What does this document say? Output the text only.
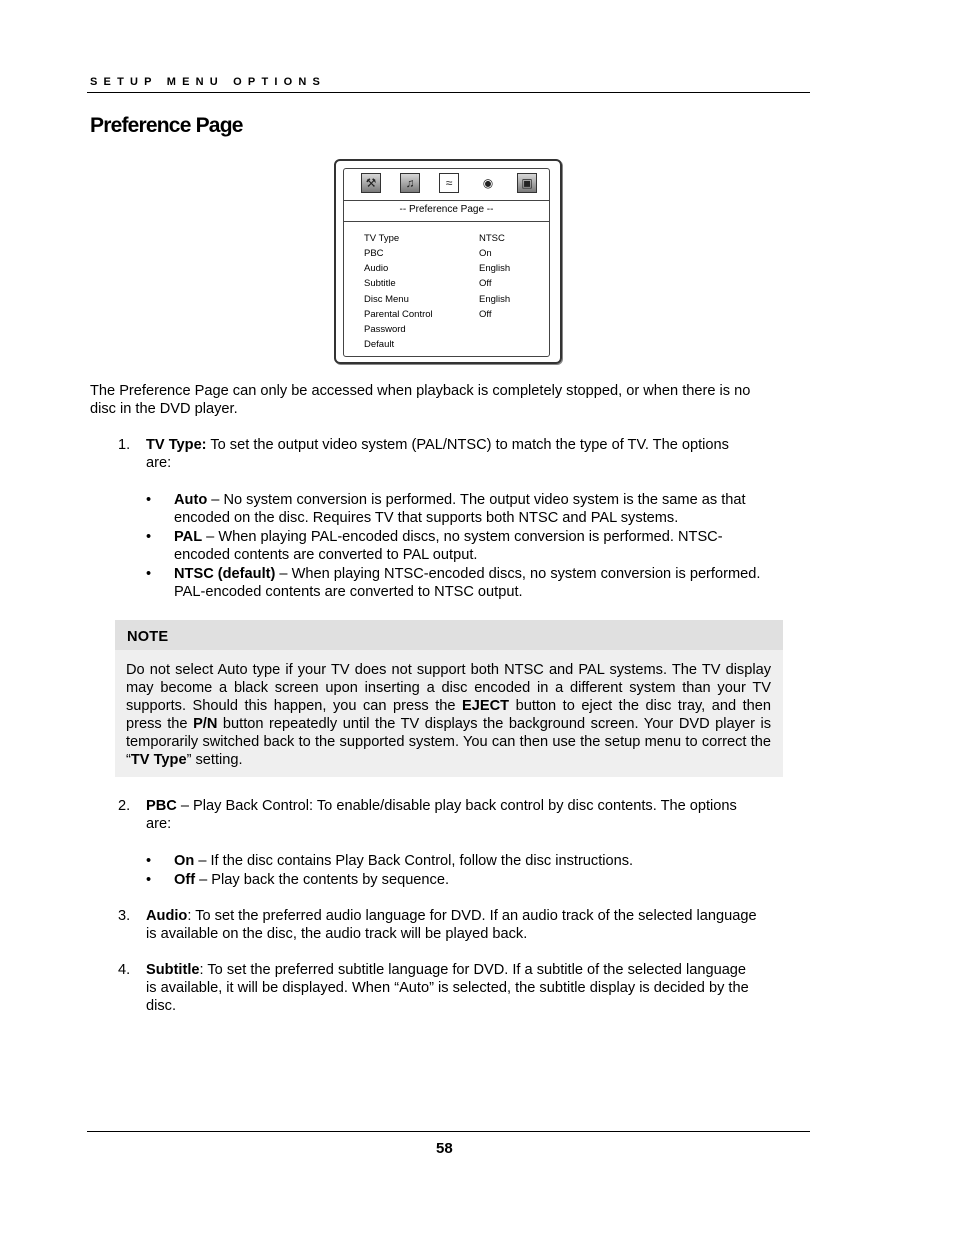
SETUP MENU OPTIONS
Preference Page
⚒	♫	≈	◉	▣
-- Preference Page --
TV Type	NTSC
PBC	On
Audio	English
Subtitle	Off
Disc Menu	English
Parental Control	Off
Password
Default
The Preference Page can only be accessed when playback is completely stopped, or when there is no
disc in the DVD player.
1. TV Type: To set the output video system (PAL/NTSC) to match the type of TV. The options
are:
• Auto – No system conversion is performed. The output video system is the same as that
encoded on the disc. Requires TV that supports both NTSC and PAL systems.
• PAL – When playing PAL-encoded discs, no system conversion is performed. NTSC-
encoded contents are converted to PAL output.
• NTSC (default) – When playing NTSC-encoded discs, no system conversion is performed.
PAL-encoded contents are converted to NTSC output.
NOTE

Do not select Auto type if your TV does not support both NTSC and PAL systems. The TV display may become a black screen upon inserting a disc encoded in a different system than your TV supports. Should this happen, you can press the EJECT button to eject the disc tray, and then press the P/N button repeatedly until the TV displays the background screen. Your DVD player is temporarily switched back to the supported system. You can then use the setup menu to correct the “TV Type” setting.

2. PBC – Play Back Control: To enable/disable play back control by disc contents. The options
are:
• On – If the disc contains Play Back Control, follow the disc instructions.
• Off – Play back the contents by sequence.
3. Audio: To set the preferred audio language for DVD. If an audio track of the selected language
is available on the disc, the audio track will be played back.
4. Subtitle: To set the preferred subtitle language for DVD. If a subtitle of the selected language
is available, it will be displayed. When “Auto” is selected, the subtitle display is decided by the
disc.
58
